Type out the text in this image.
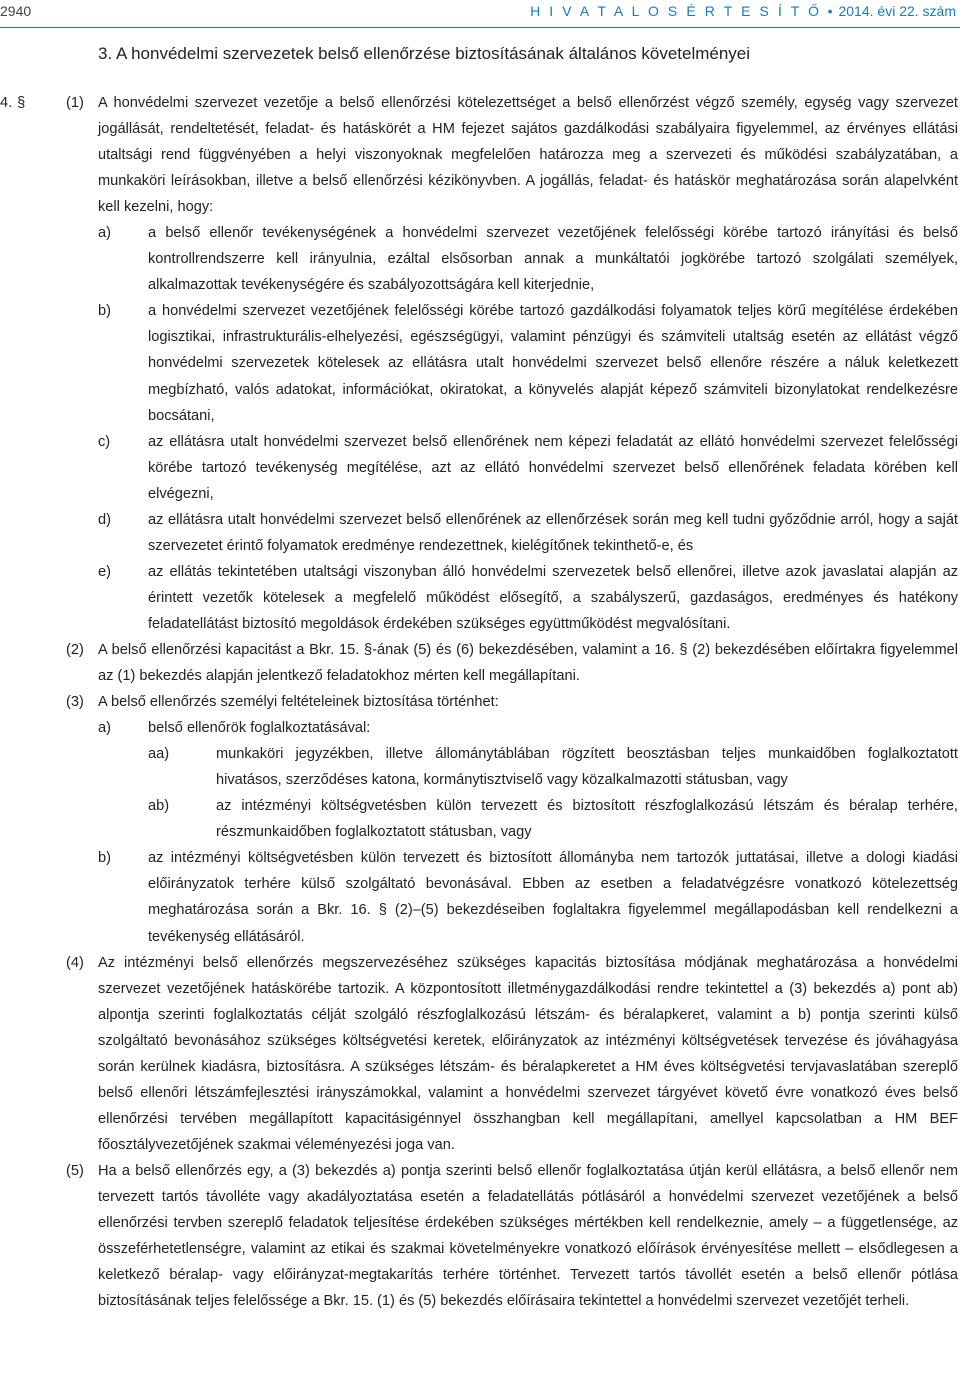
2940	H I V A T A L O S É R T E S Í T Ő • 2014. évi 22. szám
3. A honvédelmi szervezetek belső ellenőrzése biztosításának általános követelményei
4. §	(1) A honvédelmi szervezet vezetője a belső ellenőrzési kötelezettséget a belső ellenőrzést végző személy, egység vagy szervezet jogállását, rendeltetését, feladat- és hatáskörét a HM fejezet sajátos gazdálkodási szabályaira figyelemmel, az érvényes ellátási utaltsági rend függvényében a helyi viszonyoknak megfelelően határozza meg a szervezeti és működési szabályzatában, a munkaköri leírásokban, illetve a belső ellenőrzési kézikönyvben. A jogállás, feladat- és hatáskör meghatározása során alapelvként kell kezelni, hogy:

a)	a belső ellenőr tevékenységének a honvédelmi szervezet vezetőjének felelősségi körébe tartozó irányítási és belső kontrollrendszerre kell irányulnia, ezáltal elsősorban annak a munkáltatói jogkörébe tartozó szolgálati személyek, alkalmazottak tevékenységére és szabályozottságára kell kiterjednie,

b)	a honvédelmi szervezet vezetőjének felelősségi körébe tartozó gazdálkodási folyamatok teljes körű megítélése érdekében logisztikai, infrastrukturális-elhelyezési, egészségügyi, valamint pénzügyi és számviteli utaltság esetén az ellátást végző honvédelmi szervezetek kötelesek az ellátásra utalt honvédelmi szervezet belső ellenőre részére a náluk keletkezett megbízható, valós adatokat, információkat, okiratokat, a könyvelés alapját képező számviteli bizonylatokat rendelkezésre bocsátani,

c)	az ellátásra utalt honvédelmi szervezet belső ellenőrének nem képezi feladatát az ellátó honvédelmi szervezet felelősségi körébe tartozó tevékenység megítélése, azt az ellátó honvédelmi szervezet belső ellenőrének feladata körében kell elvégezni,

d)	az ellátásra utalt honvédelmi szervezet belső ellenőrének az ellenőrzések során meg kell tudni győződnie arról, hogy a saját szervezetet érintő folyamatok eredménye rendezettnek, kielégítőnek tekinthető-e, és

e)	az ellátás tekintetében utaltsági viszonyban álló honvédelmi szervezetek belső ellenőrei, illetve azok javaslatai alapján az érintett vezetők kötelesek a megfelelő működést elősegítő, a szabályszerű, gazdaságos, eredményes és hatékony feladatellátást biztosító megoldások érdekében szükséges együttműködést megvalósítani.

(2) A belső ellenőrzési kapacitást a Bkr. 15. §-ának (5) és (6) bekezdésében, valamint a 16. § (2) bekezdésében előírtakra figyelemmel az (1) bekezdés alapján jelentkező feladatokhoz mérten kell megállapítani.

(3) A belső ellenőrzés személyi feltételeinek biztosítása történhet:

a)	belső ellenőrök foglalkoztatásával:

aa)	munkaköri jegyzékben, illetve állománytáblában rögzített beosztásban teljes munkaidőben foglalkoztatott hivatásos, szerződéses katona, kormánytisztviselő vagy közalkalmazotti státusban, vagy

ab)	az intézményi költségvetésben külön tervezett és biztosított részfoglalkozású létszám és béralap terhére, részmunkaidőben foglalkoztatott státusban, vagy

b)	az intézményi költségvetésben külön tervezett és biztosított állományba nem tartozók juttatásai, illetve a dologi kiadási előirányzatok terhére külső szolgáltató bevonásával. Ebben az esetben a feladatvégzésre vonatkozó kötelezettség meghatározása során a Bkr. 16. § (2)–(5) bekezdéseiben foglaltakra figyelemmel megállapodásban kell rendelkezni a tevékenység ellátásáról.

(4) Az intézményi belső ellenőrzés megszervezéséhez szükséges kapacitás biztosítása módjának meghatározása a honvédelmi szervezet vezetőjének hatáskörébe tartozik. A központosított illetménygazdálkodási rendre tekintettel a (3) bekezdés a) pont ab) alpontja szerinti foglalkoztatás célját szolgáló részfoglalkozású létszám- és béralapkeret, valamint a b) pontja szerinti külső szolgáltató bevonásához szükséges költségvetési keretek, előirányzatok az intézményi költségvetések tervezése és jóváhagyása során kerülnek kiadásra, biztosításra. A szükséges létszám- és béralapkeretet a HM éves költségvetési tervjavaslatában szereplő belső ellenőri létszámfejlesztési irányszámokkal, valamint a honvédelmi szervezet tárgyévet követő évre vonatkozó éves belső ellenőrzési tervében megállapított kapacitásigénnyel összhangban kell megállapítani, amellyel kapcsolatban a HM BEF főosztályvezetőjének szakmai véleményezési joga van.

(5) Ha a belső ellenőrzés egy, a (3) bekezdés a) pontja szerinti belső ellenőr foglalkoztatása útján kerül ellátásra, a belső ellenőr nem tervezett tartós távolléte vagy akadályoztatása esetén a feladatellátás pótlásáról a honvédelmi szervezet vezetőjének a belső ellenőrzési tervben szereplő feladatok teljesítése érdekében szükséges mértékben kell rendelkeznie, amely – a függetlensége, az összeférhetetlenségre, valamint az etikai és szakmai követelményekre vonatkozó előírások érvényesítése mellett – elsődlegesen a keletkező béralap- vagy előirányzat-megtakarítás terhére történhet. Tervezett tartós távollét esetén a belső ellenőr pótlása biztosításának teljes felelőssége a Bkr. 15. (1) és (5) bekezdés előírásaira tekintettel a honvédelmi szervezet vezetőjét terheli.
